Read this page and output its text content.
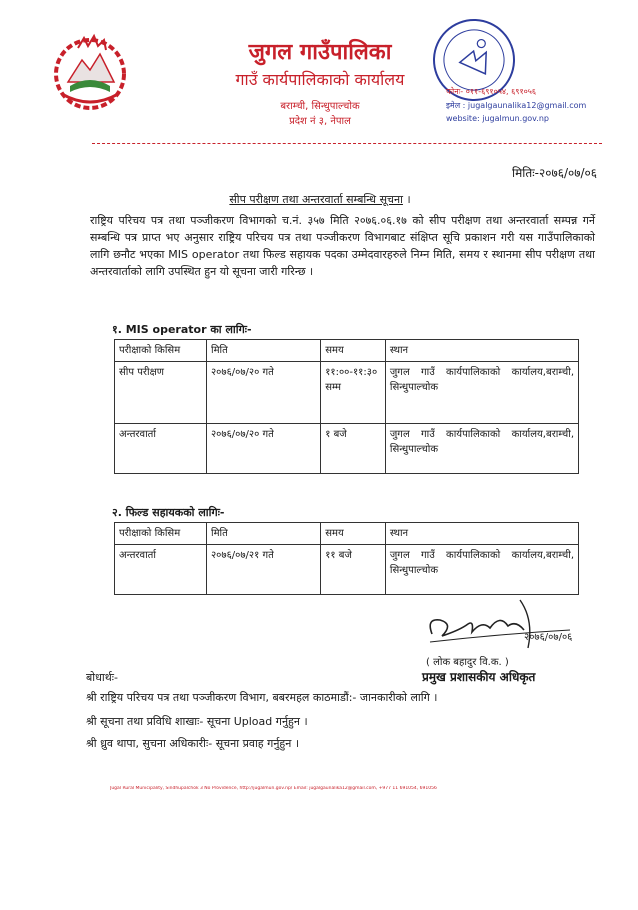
जुगल गाउँपालिका
गाउँ कार्यपालिकाको कार्यालय
बराम्ची, सिन्धुपाल्चोक
प्रदेश नं ३, नेपाल
फोनः- ०११-६९१०५४, ६९१०५६
इमेल : jugalgaunalika12@gmail.com
website: jugalmun.gov.np
मितिः-२०७६/०७/०६
सीप परीक्षण तथा अन्तरवार्ता सम्बन्धि सूचना ।
राष्ट्रिय परिचय पत्र तथा पञ्जीकरण विभागको च.नं. ३५७ मिति २०७६.०६.१७ को सीप परीक्षण तथा अन्तरवार्ता सम्पन्न गर्ने सम्बन्धि पत्र प्राप्त भए अनुसार राष्ट्रिय परिचय पत्र तथा पञ्जीकरण विभागबाट संक्षिप्त सूचि प्रकाशन गरी यस गाउँपालिकाको लागि छनौट भएका MIS operator तथा फिल्ड सहायक पदका उम्मेदवारहरुले निम्न मिति, समय र स्थानमा सीप परीक्षण तथा अन्तरवार्ताको लागि उपस्थित हुन यो सूचना जारी गरिन्छ ।
१. MIS operator का लागिः-
परीक्षाको किसिम	मिति	समय	स्थान
सीप परीक्षण	२०७६/०७/२० गते	११:००-११:३० सम्म	जुगल गाउँ कार्यपालिकाको कार्यालय,बराम्ची, सिन्धुपाल्चोक
अन्तरवार्ता	२०७६/०७/२० गते	१ बजे	जुगल गाउँ कार्यपालिकाको कार्यालय,बराम्ची, सिन्धुपाल्चोक
२. फिल्ड सहायकको लागिः-
परीक्षाको किसिम	मिति	समय	स्थान
अन्तरवार्ता	२०७६/०७/२१ गते	११ बजे	जुगल गाउँ कार्यपालिकाको कार्यालय,बराम्ची, सिन्धुपाल्चोक
२०७६/०७/०६
( लोक बहादुर वि.क. )
प्रमुख प्रशासकीय अधिकृत
बोधार्थः-
श्री राष्ट्रिय परिचय पत्र तथा पञ्जीकरण विभाग, बबरमहल काठमाडौं:- जानकारीको लागि ।
श्री सूचना तथा प्रविधि शाखाः- सूचना Upload गर्नुहुन ।
श्री ध्रुव थापा, सुचना अधिकारीः- सूचना प्रवाह गर्नुहुन ।
Jugal Rural Municipality, Sindhupalchok 3 No Providence, http://jugalmun.gov.np/ Email: jugalgaunalika12@gmail.com, +977 11 691054, 691056
